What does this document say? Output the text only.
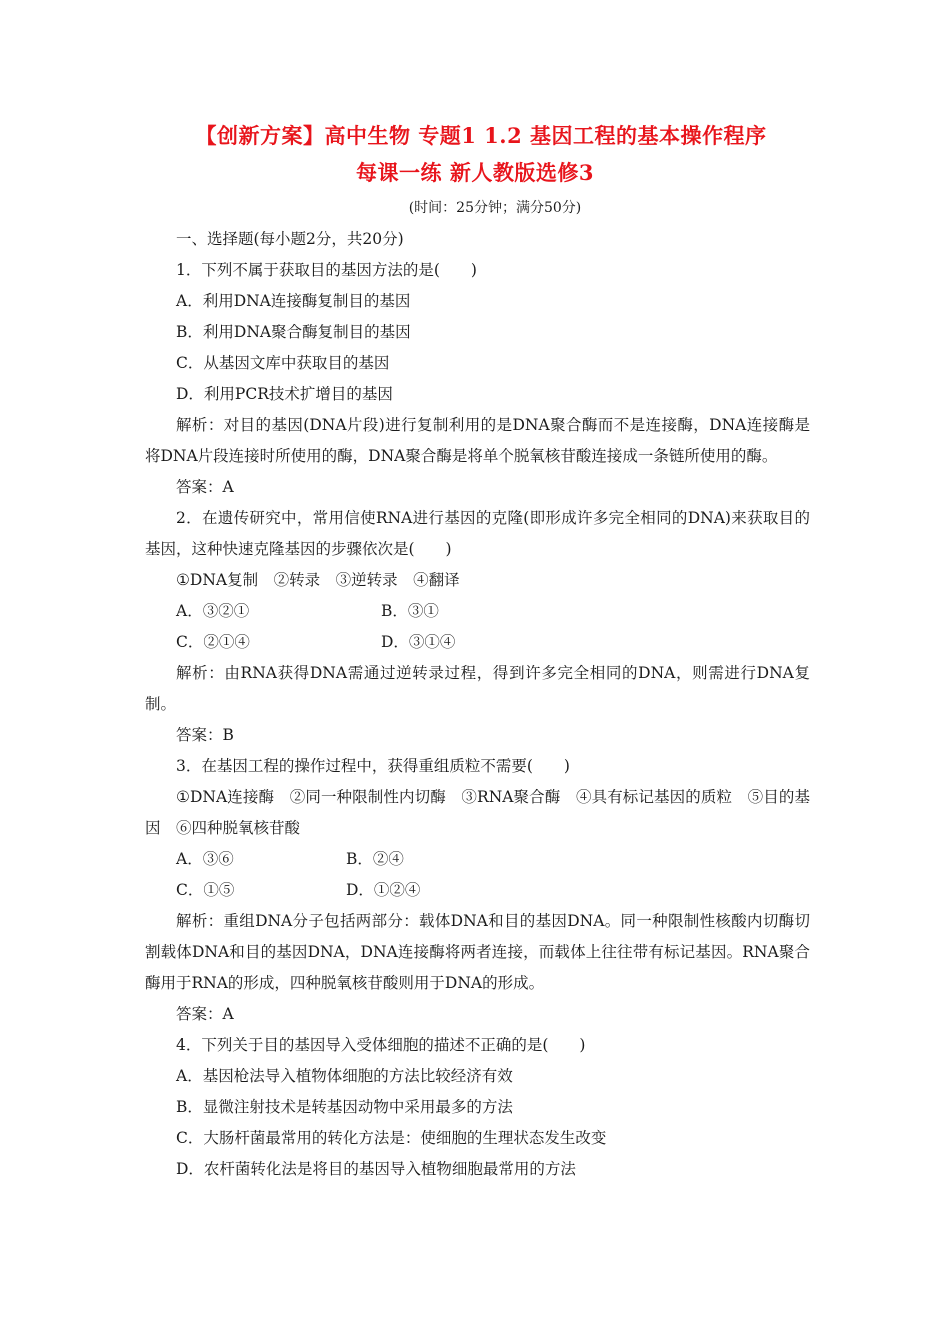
【创新方案】高中生物 专题1 1.2 基因工程的基本操作程序
每课一练 新人教版选修3
(时间：25分钟；满分50分)
一、选择题(每小题2分，共20分)
1．下列不属于获取目的基因方法的是(　　)
A．利用DNA连接酶复制目的基因
B．利用DNA聚合酶复制目的基因
C．从基因文库中获取目的基因
D．利用PCR技术扩增目的基因
解析：对目的基因(DNA片段)进行复制利用的是DNA聚合酶而不是连接酶，DNA连接酶是将DNA片段连接时所使用的酶，DNA聚合酶是将单个脱氧核苷酸连接成一条链所使用的酶。
答案：A
2．在遗传研究中，常用信使RNA进行基因的克隆(即形成许多完全相同的DNA)来获取目的基因，这种快速克隆基因的步骤依次是(　　)
①DNA复制　②转录　③逆转录　④翻译
A．③②①	B．③①
C．②①④	D．③①④
解析：由RNA获得DNA需通过逆转录过程，得到许多完全相同的DNA，则需进行DNA复制。
答案：B
3．在基因工程的操作过程中，获得重组质粒不需要(　　)
①DNA连接酶　②同一种限制性内切酶　③RNA聚合酶　④具有标记基因的质粒　⑤目的基因　⑥四种脱氧核苷酸
A．③⑥	B．②④
C．①⑤	D．①②④
解析：重组DNA分子包括两部分：载体DNA和目的基因DNA。同一种限制性核酸内切酶切割载体DNA和目的基因DNA，DNA连接酶将两者连接，而载体上往往带有标记基因。RNA聚合酶用于RNA的形成，四种脱氧核苷酸则用于DNA的形成。
答案：A
4．下列关于目的基因导入受体细胞的描述不正确的是(　　)
A．基因枪法导入植物体细胞的方法比较经济有效
B．显微注射技术是转基因动物中采用最多的方法
C．大肠杆菌最常用的转化方法是：使细胞的生理状态发生改变
D．农杆菌转化法是将目的基因导入植物细胞最常用的方法
